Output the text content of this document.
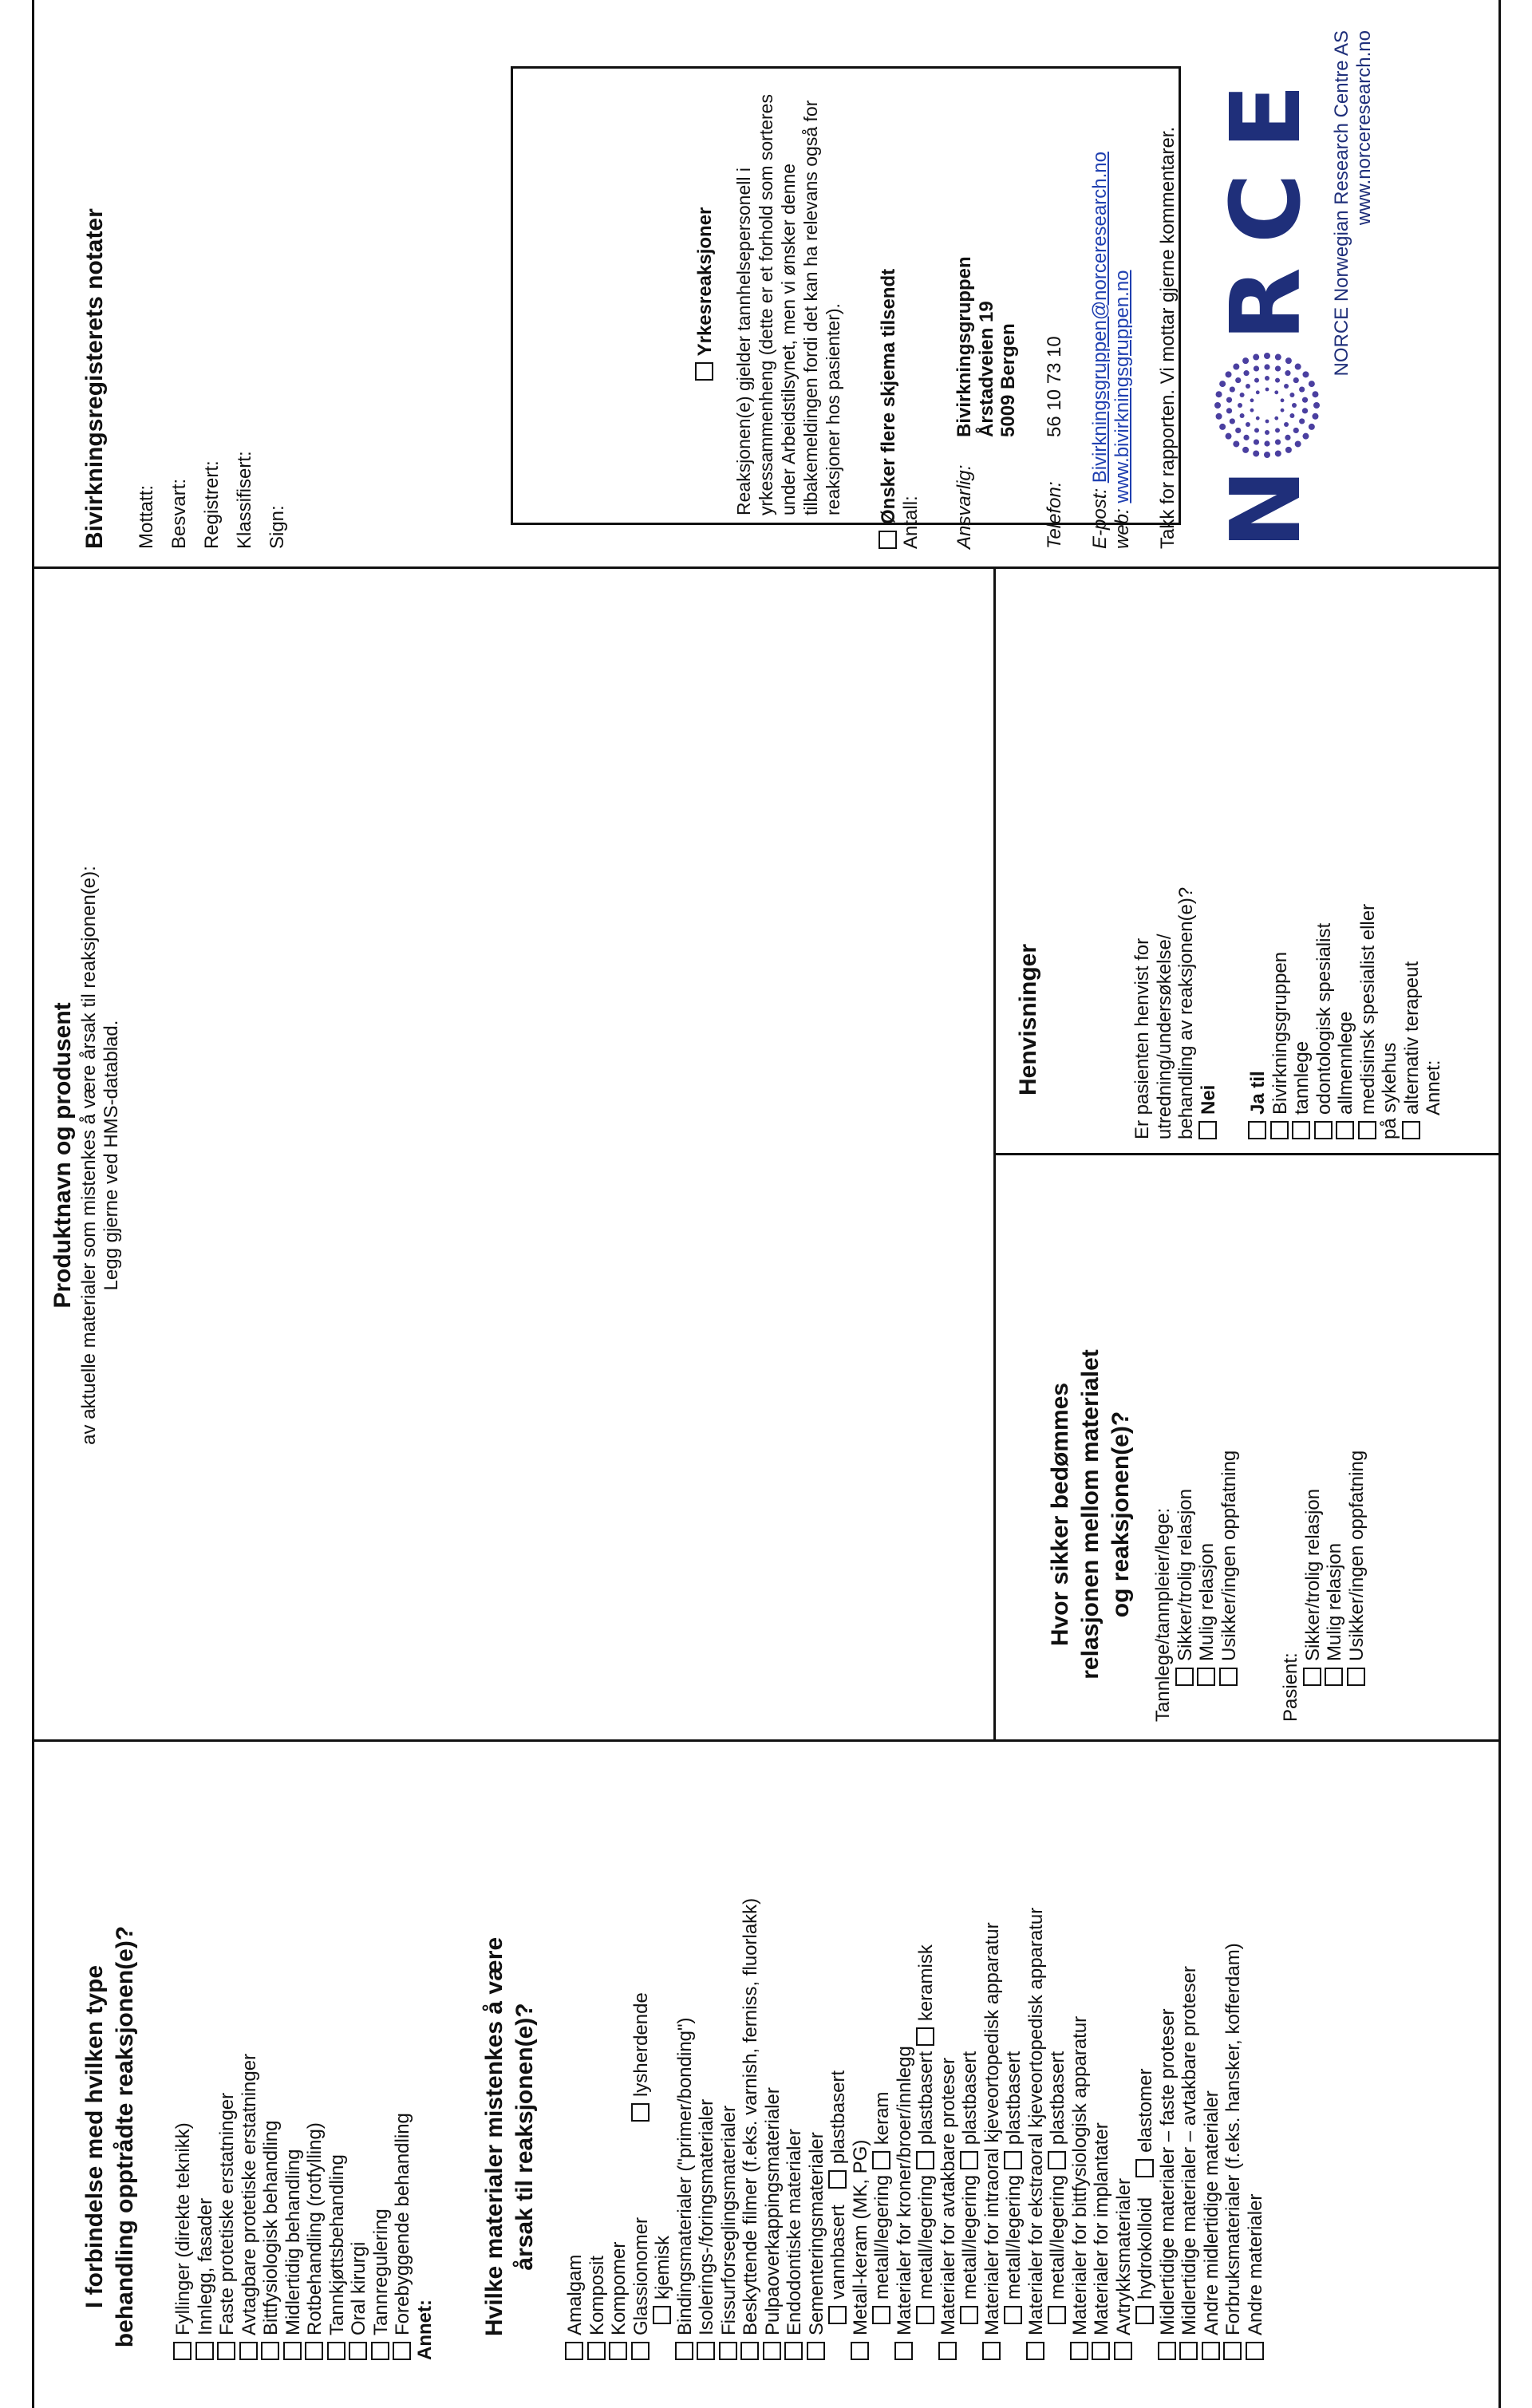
I forbindelse med hvilken type behandling opptrådte reaksjonen(e)? Fyllinger (direkte teknikk) Innlegg, fasader Faste protetiske erstatninger Avtagbare protetiske erstatninger Bittfysiologisk behandling Midlertidig behandling Rotbehandling (rotfylling) Tannkjøttsbehandling Oral kirurgi Tannregulering Forebyggende behandling Annet: Hvilke materialer mistenkes å være årsak til reaksjonen(e)?
Amalgam Komposit Kompomer Glassionomerlysherdende
kjemisk Bindingsmaterialer ("primer/bonding") Isolerings-/foringsmaterialer Fissurforseglingsmaterialer Beskyttende filmer (f.eks. varnish, ferniss, fluorlakk) Pulpaoverkappingsmaterialer Endodontiske materialer Sementeringsmaterialer vannbasertplastbasert
Metall-keram (MK, PG) metall/legering keram Materialer for kroner/broer/innlegg metall/legering plastbasert keramisk
Materialer for avtakbare proteser metall/legering plastbasert Materialer for intraoral kjeveortopedisk apparatur metall/legering plastbasert Materialer for ekstraoral kjeveortopedisk apparatur metall/legering plastbasert Materialer for bittfysiologisk apparatur Materialer for implantater Avtrykksmaterialer hydrokolloidelastomer Midlertidige materialer – faste proteser Midlertidige materialer – avtakbare proteser Andre midlertidige materialer Forbruksmaterialer (f.eks. hansker, kofferdam) Andre materialer
Produktnavn og produsent av aktuelle materialer som mistenkes å være årsak til reaksjonen(e): Legg gjerne ved HMS-datablad.
Hvor sikker bedømmes relasjonen mellom materialet og reaksjonen(e)? Tannlege/tannpleier/lege: Sikker/trolig relasjon Mulig relasjon Usikker/ingen oppfatning
Pasient:
Sikker/trolig relasjon Mulig relasjon Usikker/ingen oppfatning
Henvisninger	Er pasienten henvist for utredning/undersøkelse/ behandling av reaksjonen(e)? Nei Ja til Bivirkningsgruppen tannlege odontologisk spesialist allmennlege medisinsk spesialist eller på sykehus alternativ terapeut Annet:
Bivirkningsregisterets notater Mottatt: Besvart: Registrert: Klassifisert: Sign:
Yrkesreaksjoner Reaksjonen(e) gjelder tannhelsepersonell i yrkessammenheng (dette er et forhold som sorteres under Arbeidstilsynet, men vi ønsker denne tilbakemeldingen fordi det kan ha relevans også for reaksjoner hos pasienter). Ønsker flere skjema tilsendt Antall: Ansvarlig:
Bivirkningsgruppen Årstadveien 19 5009 Bergen
Telefon:
56 10 73 10
E-post: Bivirkningsgruppen@norceresearch.no
web: www.bivirkningsgruppen.no Takk for rapporten. Vi mottar gjerne kommentarer. N
RCE NORCE Norwegian Research Centre AS www.norceresearch.no
